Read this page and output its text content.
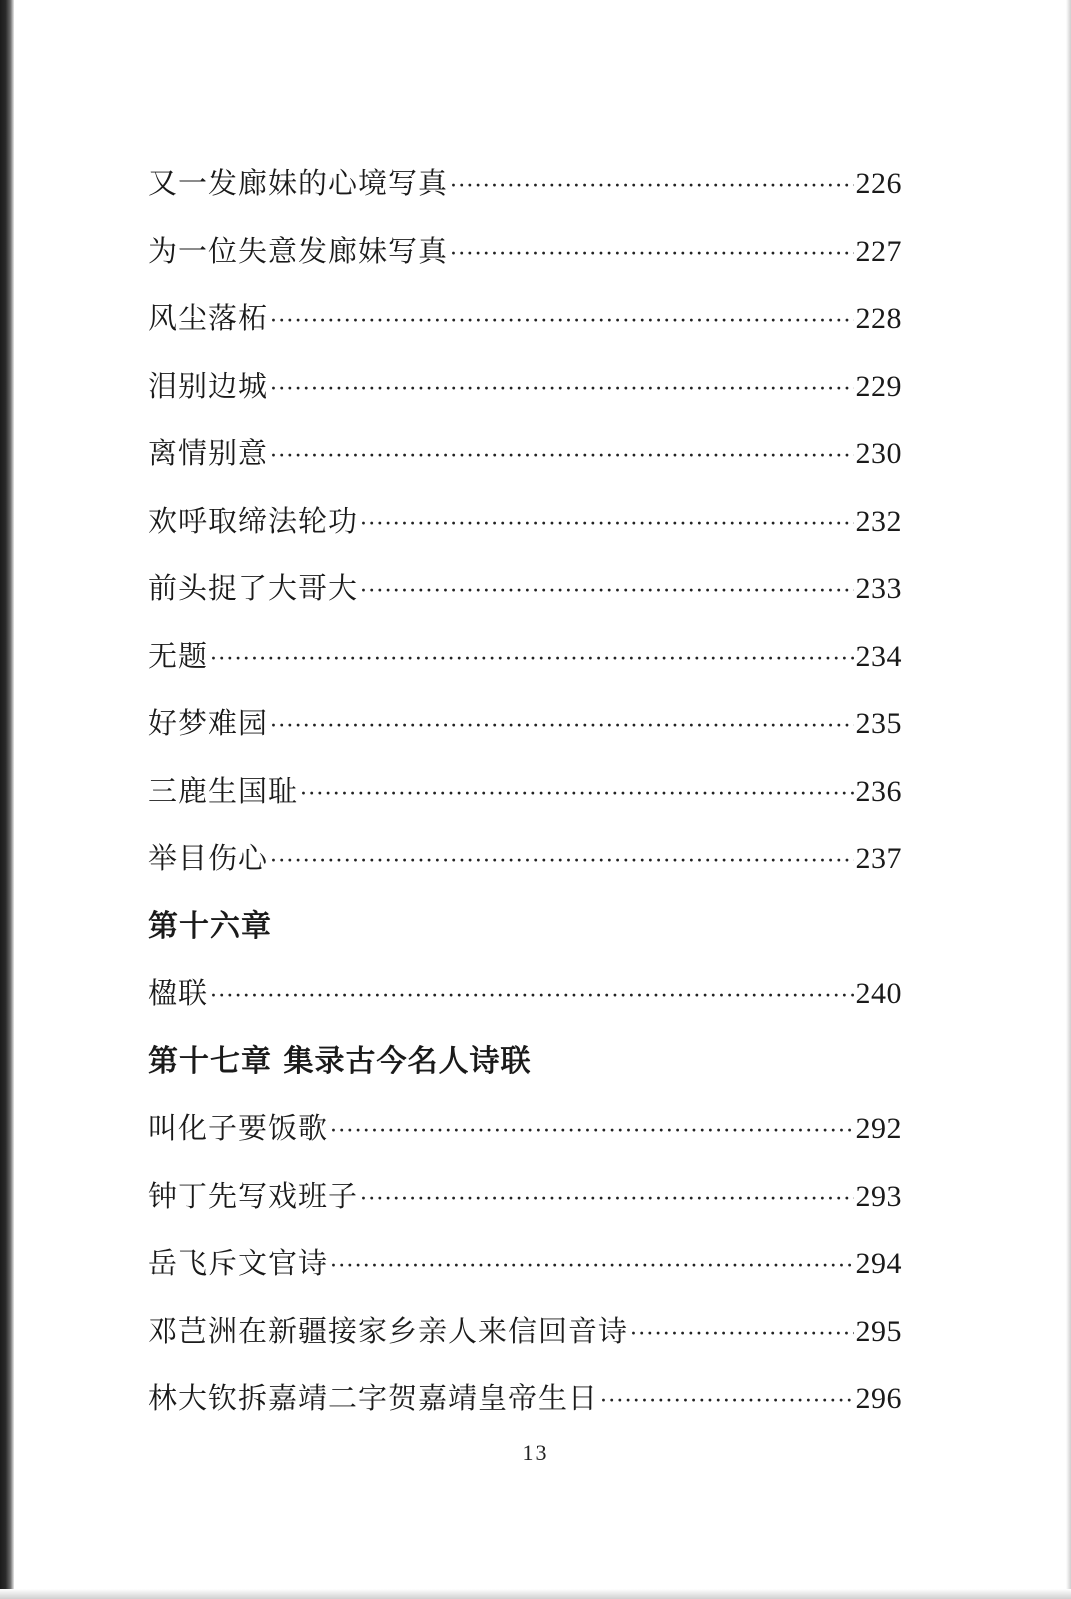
又一发廊妹的心境写真 ·····	226
为一位失意发廊妹写真 ·····	227
风尘落柘 ·····	228
泪别边城 ·····	229
离情别意 ·····	230
欢呼取缔法轮功 ·····	232
前头捉了大哥大 ·····	233
无题 ·····	234
好梦难园 ·····	235
三鹿生国耻 ·····	236
举目伤心 ·····	237
第十六章
楹联 ·····	240
第十七章 集录古今名人诗联
叫化子要饭歌 ·····	292
钟丁先写戏班子 ·····	293
岳飞斥文官诗 ·····	294
邓芑洲在新疆接家乡亲人来信回音诗 ·····	295
林大钦拆嘉靖二字贺嘉靖皇帝生日 ·····	296
13
